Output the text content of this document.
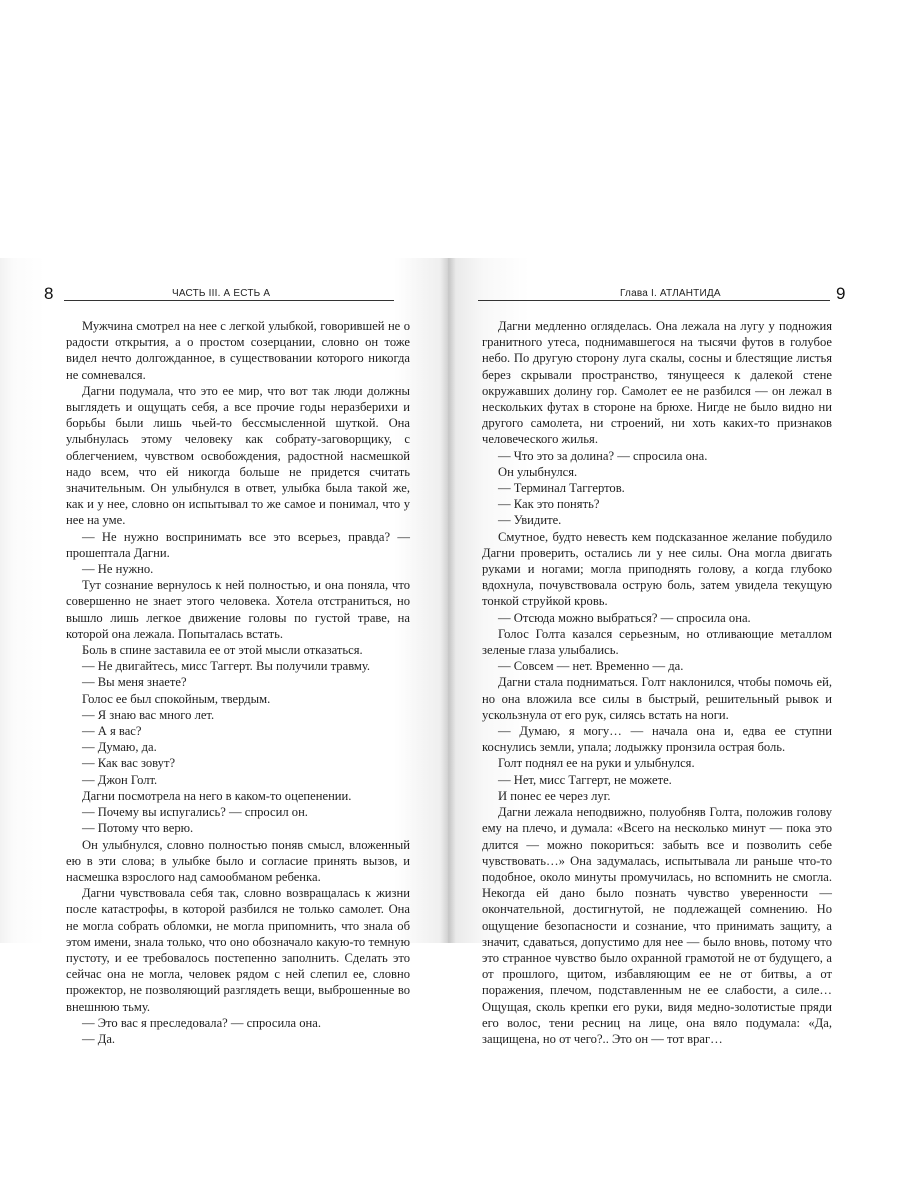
8	ЧАСТЬ III. А ЕСТЬ А

Мужчина смотрел на нее с легкой улыбкой, говорившей не о радости открытия, а о простом созерцании, словно он тоже видел нечто долгожданное, в существовании которого никогда не сомневался.

Дагни подумала, что это ее мир, что вот так люди должны выглядеть и ощущать себя, а все прочие годы неразберихи и борьбы были лишь чьей-то бессмысленной шуткой. Она улыбнулась этому человеку как собрату-заговорщику, с облегчением, чувством освобождения, радостной насмешкой надо всем, что ей никогда больше не придется считать значительным. Он улыбнулся в ответ, улыбка была такой же, как и у нее, словно он испытывал то же самое и понимал, что у нее на уме.

— Не нужно воспринимать все это всерьез, правда? — прошептала Дагни.

— Не нужно.

Тут сознание вернулось к ней полностью, и она поняла, что совершенно не знает этого человека. Хотела отстраниться, но вышло лишь легкое движение головы по густой траве, на которой она лежала. Попыталась встать.

Боль в спине заставила ее от этой мысли отказаться.

— Не двигайтесь, мисс Таггерт. Вы получили травму.

— Вы меня знаете?

Голос ее был спокойным, твердым.

— Я знаю вас много лет.

— А я вас?

— Думаю, да.

— Как вас зовут?

— Джон Голт.

Дагни посмотрела на него в каком-то оцепенении.

— Почему вы испугались? — спросил он.

— Потому что верю.

Он улыбнулся, словно полностью поняв смысл, вложенный ею в эти слова; в улыбке было и согласие принять вызов, и насмешка взрослого над самообманом ребенка.

Дагни чувствовала себя так, словно возвращалась к жизни после катастрофы, в которой разбился не только самолет. Она не могла собрать обломки, не могла припомнить, что знала об этом имени, знала только, что оно обозначало какую-то темную пустоту, и ее требовалось постепенно заполнить. Сделать это сейчас она не могла, человек рядом с ней слепил ее, словно прожектор, не позволяющий разглядеть вещи, выброшенные во внешнюю тьму.

— Это вас я преследовала? — спросила она.

— Да.

Глава I. АТЛАНТИДА	9

Дагни медленно огляделась. Она лежала на лугу у подножия гранитного утеса, поднимавшегося на тысячи футов в голубое небо. По другую сторону луга скалы, сосны и блестящие листья берез скрывали пространство, тянущееся к далекой стене окружавших долину гор. Самолет ее не разбился — он лежал в нескольких футах в стороне на брюхе. Нигде не было видно ни другого самолета, ни строений, ни хоть каких-то признаков человеческого жилья.

— Что это за долина? — спросила она.

Он улыбнулся.

— Терминал Таггертов.

— Как это понять?

— Увидите.

Смутное, будто невесть кем подсказанное желание побудило Дагни проверить, остались ли у нее силы. Она могла двигать руками и ногами; могла приподнять голову, а когда глубоко вдохнула, почувствовала острую боль, затем увидела текущую тонкой струйкой кровь.

— Отсюда можно выбраться? — спросила она.

Голос Голта казался серьезным, но отливающие металлом зеленые глаза улыбались.

— Совсем — нет. Временно — да.

Дагни стала подниматься. Голт наклонился, чтобы помочь ей, но она вложила все силы в быстрый, решительный рывок и ускользнула от его рук, силясь встать на ноги.

— Думаю, я могу… — начала она и, едва ее ступни коснулись земли, упала; лодыжку пронзила острая боль.

Голт поднял ее на руки и улыбнулся.

— Нет, мисс Таггерт, не можете.

И понес ее через луг.

Дагни лежала неподвижно, полуобняв Голта, положив голову ему на плечо, и думала: «Всего на несколько минут — пока это длится — можно покориться: забыть все и позволить себе чувствовать…» Она задумалась, испытывала ли раньше что-то подобное, около минуты промучилась, но вспомнить не смогла. Некогда ей дано было познать чувство уверенности — окончательной, достигнутой, не подлежащей сомнению. Но ощущение безопасности и сознание, что принимать защиту, а значит, сдаваться, допустимо для нее — было вновь, потому что это странное чувство было охранной грамотой не от будущего, а от прошлого, щитом, избавляющим ее не от битвы, а от поражения, плечом, подставленным не ее слабости, а силе… Ощущая, сколь крепки его руки, видя медно-золотистые пряди его волос, тени ресниц на лице, она вяло подумала: «Да, защищена, но от чего?.. Это он — тот враг…
